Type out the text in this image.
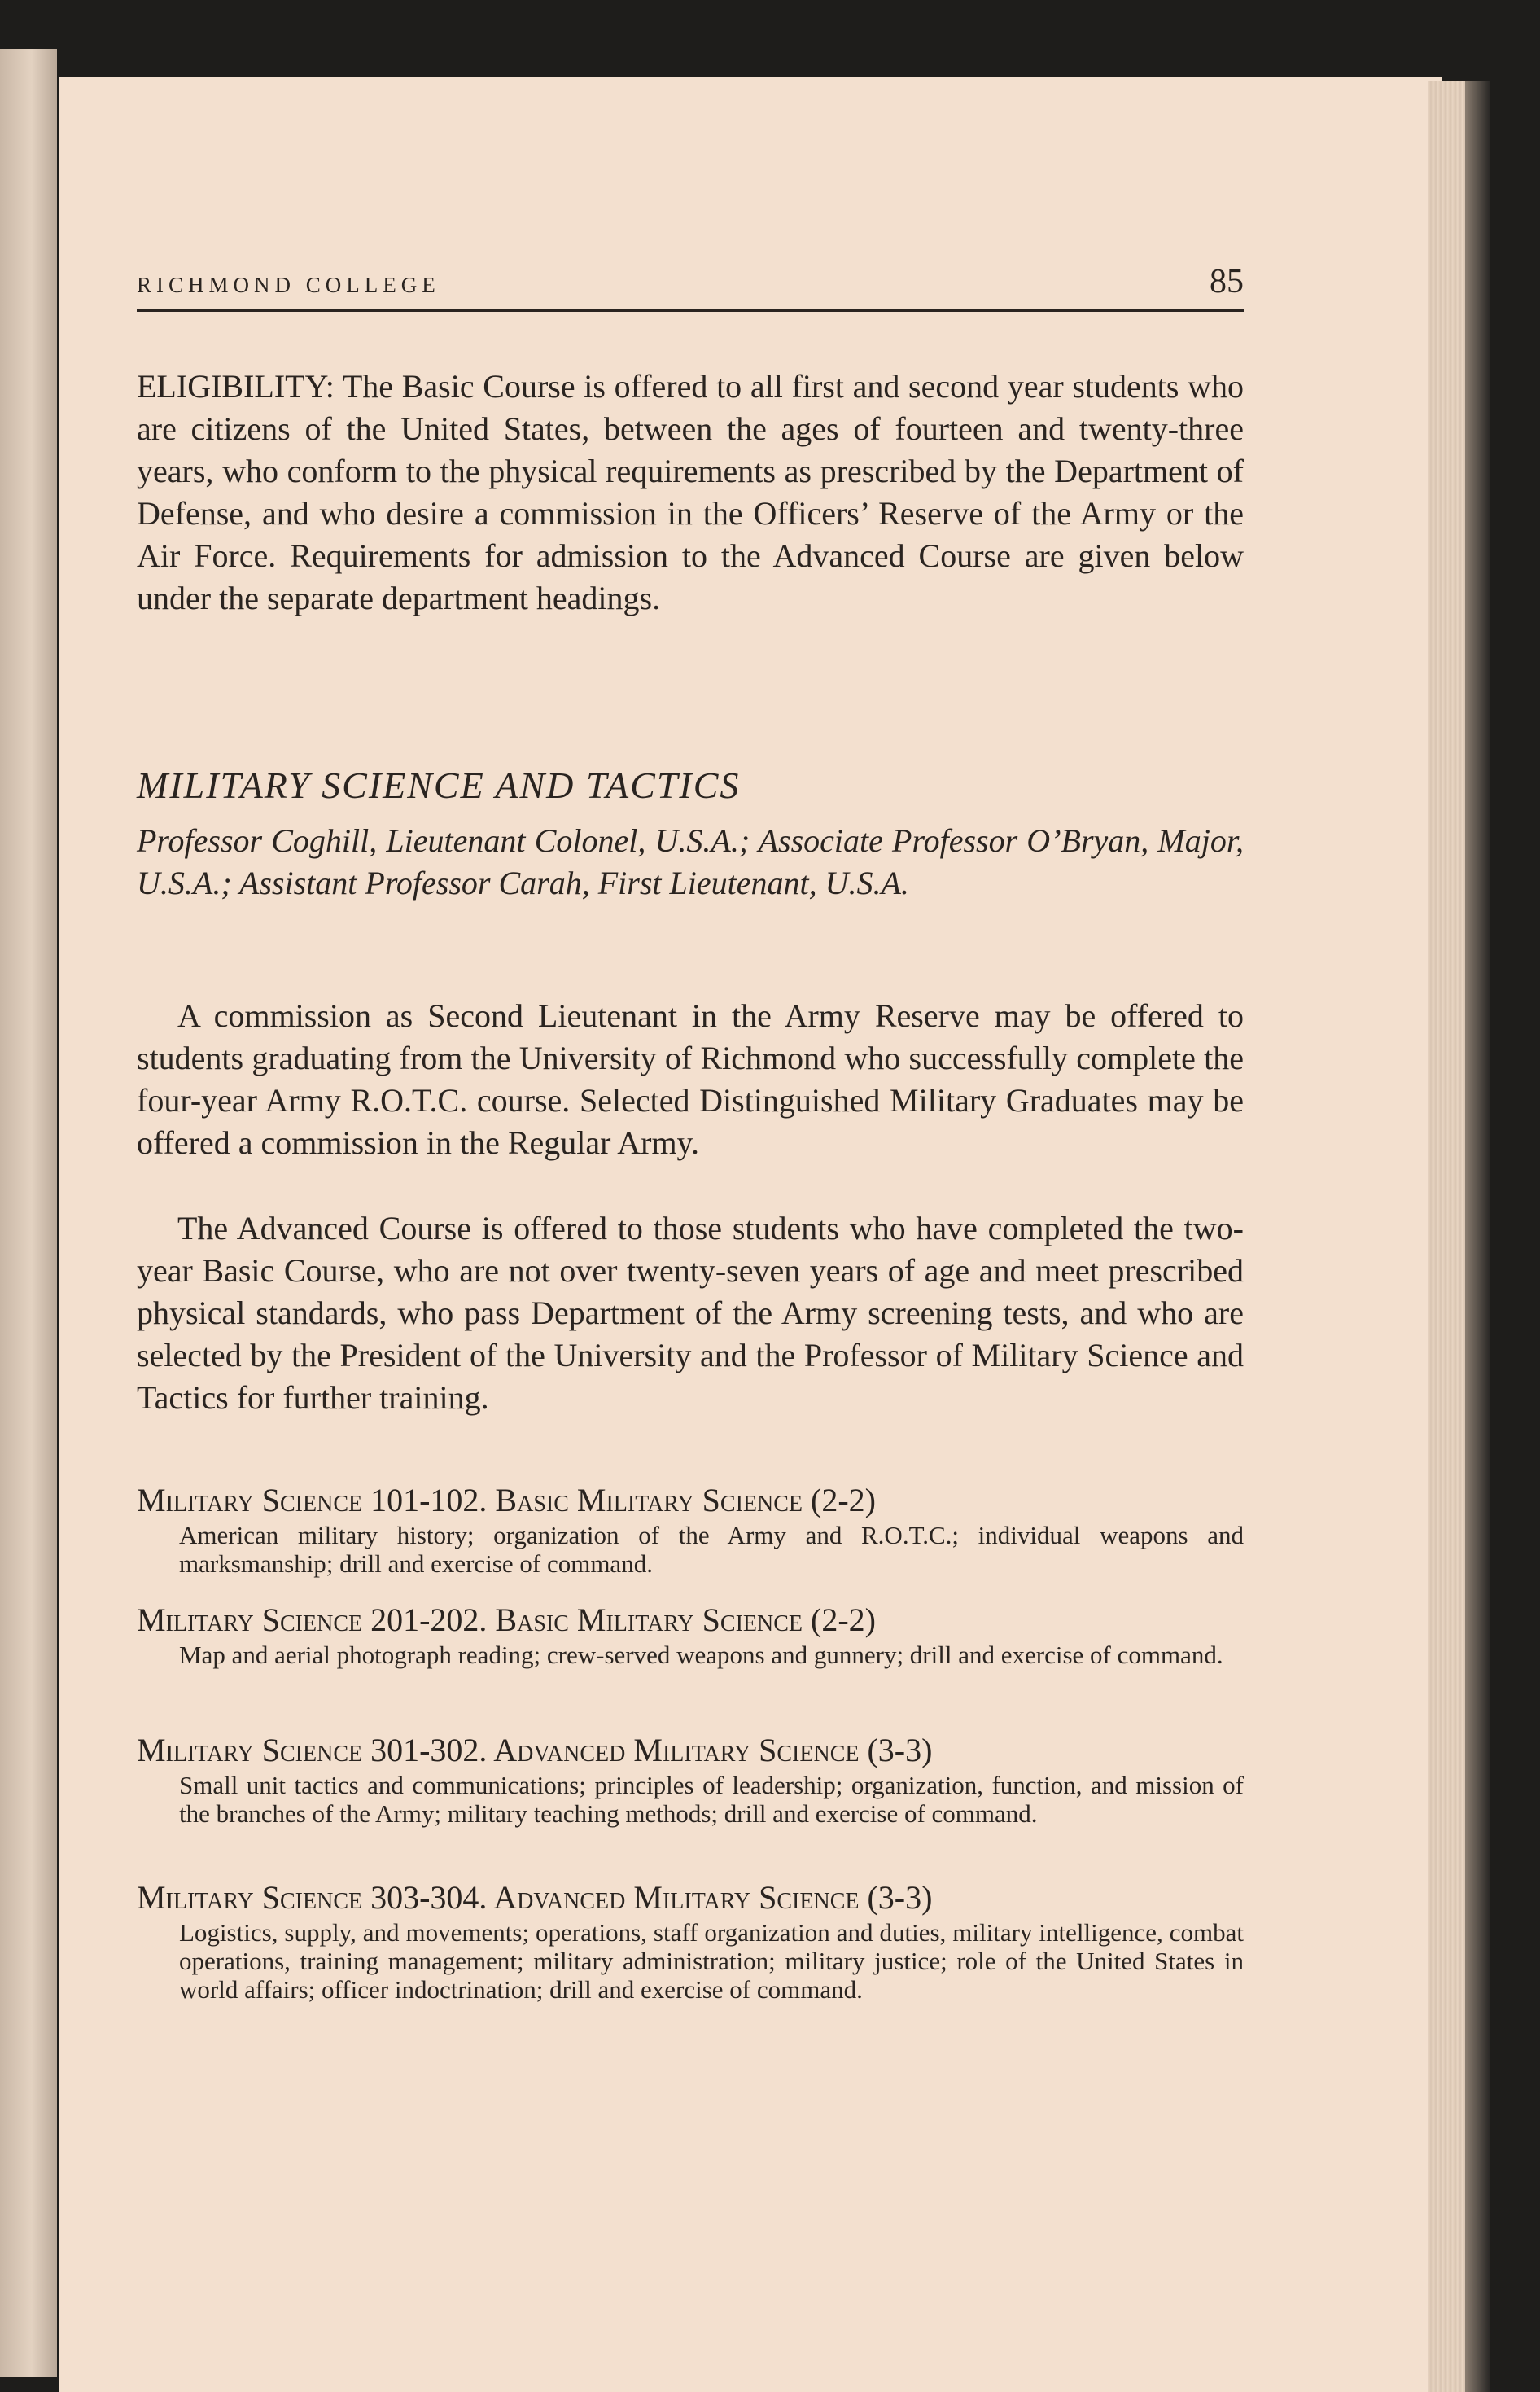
RICHMOND COLLEGE	85

ELIGIBILITY: The Basic Course is offered to all first and second year students who are citizens of the United States, between the ages of fourteen and twenty-three years, who conform to the physical requirements as prescribed by the Department of Defense, and who desire a commission in the Officers’ Reserve of the Army or the Air Force. Requirements for admission to the Advanced Course are given below under the separate department headings.

MILITARY SCIENCE AND TACTICS

Professor Coghill, Lieutenant Colonel, U.S.A.; Associate Professor O’Bryan, Major, U.S.A.; Assistant Professor Carah, First Lieutenant, U.S.A.

A commission as Second Lieutenant in the Army Reserve may be offered to students graduating from the University of Richmond who successfully complete the four-year Army R.O.T.C. course. Selected Distinguished Military Graduates may be offered a commission in the Regular Army.

The Advanced Course is offered to those students who have completed the two-year Basic Course, who are not over twenty-seven years of age and meet prescribed physical standards, who pass Department of the Army screening tests, and who are selected by the President of the University and the Professor of Military Science and Tactics for further training.

Military Science 101-102. Basic Military Science (2-2)
American military history; organization of the Army and R.O.T.C.; individual weapons and marksmanship; drill and exercise of command.
Military Science 201-202. Basic Military Science (2-2)
Map and aerial photograph reading; crew-served weapons and gunnery; drill and exercise of command.
Military Science 301-302. Advanced Military Science (3-3)
Small unit tactics and communications; principles of leadership; organization, function, and mission of the branches of the Army; military teaching methods; drill and exercise of command.
Military Science 303-304. Advanced Military Science (3-3)
Logistics, supply, and movements; operations, staff organization and duties, military intelligence, combat operations, training management; military administration; military justice; role of the United States in world affairs; officer indoctrination; drill and exercise of command.
